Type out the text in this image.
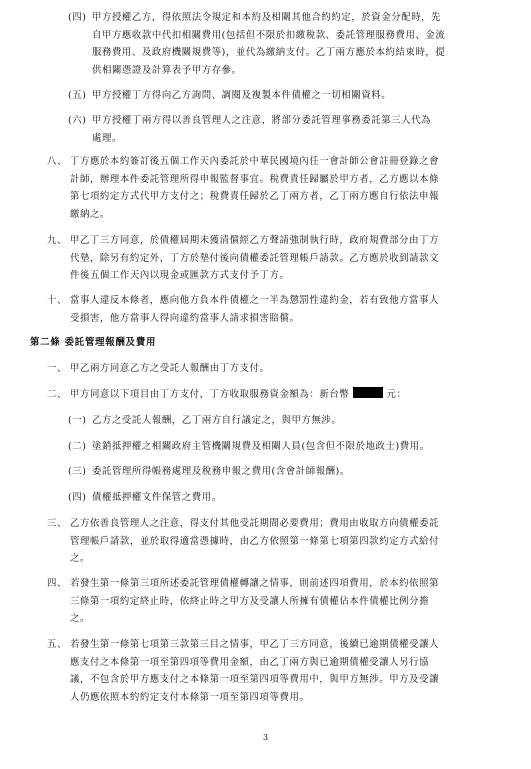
(四) 甲方授權乙方，得依照法令規定和本約及相關其他合約約定，於資金分配時，先
自甲方應收款中代扣相關費用(包括但不限於扣繳稅款、委託管理服務費用、金流
服務費用、及政府機關規費等)，並代為繳納支付。乙丁兩方應於本約結束時，提
供相關憑證及計算表予甲方存參。
(五) 甲方授權丁方得向乙方詢問、調閱及複製本件債權之一切相關資料。
(六) 甲方授權丁兩方得以善良管理人之注意，將部分委託管理事務委託第三人代為
處理。
八、 丁方應於本約簽訂後五個工作天內委託於中華民國境內任一會計師公會註冊登錄之會
計師，辦理本件委託管理所得申報監督事宜。稅費責任歸屬於甲方者，乙方應以本條
第七項約定方式代甲方支付之；稅費責任歸於乙丁兩方者，乙丁兩方應自行依法申報
繳納之。
九、 甲乙丁三方同意，於債權屆期未獲清償經乙方聲請強制執行時，政府規費部分由丁方
代墊，除另有約定外，丁方於墊付後向債權委託管理帳戶請款。乙方應於收到請款文
件後五個工作天內以現金或匯款方式支付予丁方。
十、 當事人違反本條者，應向他方負本件債權之一半為懲罰性違約金，若有致他方當事人
受損害，他方當事人得向違約當事人請求損害賠償。
第二條 委託管理報酬及費用
一、 甲乙兩方同意乙方之受託人報酬由丁方支付。
二、 甲方同意以下項目由丁方支付，丁方收取服務資金額為：新台幣	元：
(一) 乙方之受託人報酬，乙丁兩方自行議定之，與甲方無涉。
(二) 塗銷抵押權之相關政府主管機關規費及相關人員(包含但不限於地政士)費用。
(三) 委託管理所得帳務處理及稅務申報之費用(含會計師報酬)。
(四) 債權抵押權文件保管之費用。
三、 乙方依善良管理人之注意，得支付其他受託期間必要費用；費用由收取方向債權委託
管理帳戶請款，並於取得適當憑據時，由乙方依照第一條第七項第四款約定方式給付
之。
四、 若發生第一條第三項所述委託管理債權轉讓之情事，則前述四項費用，於本約依照第
三條第一項約定終止時，依終止時之甲方及受讓人所擁有債權佔本件債權比例分擔
之。
五、 若發生第一條第七項第三款第三目之情事，甲乙丁三方同意，後續已逾期債權受讓人
應支付之本條第一項至第四項等費用金額，由乙丁兩方與已逾期債權受讓人另行協
議，不包含於甲方應支付之本條第一項至第四項等費用中，與甲方無涉。甲方及受讓
人仍應依照本約約定支付本條第一項至第四項等費用。
3
